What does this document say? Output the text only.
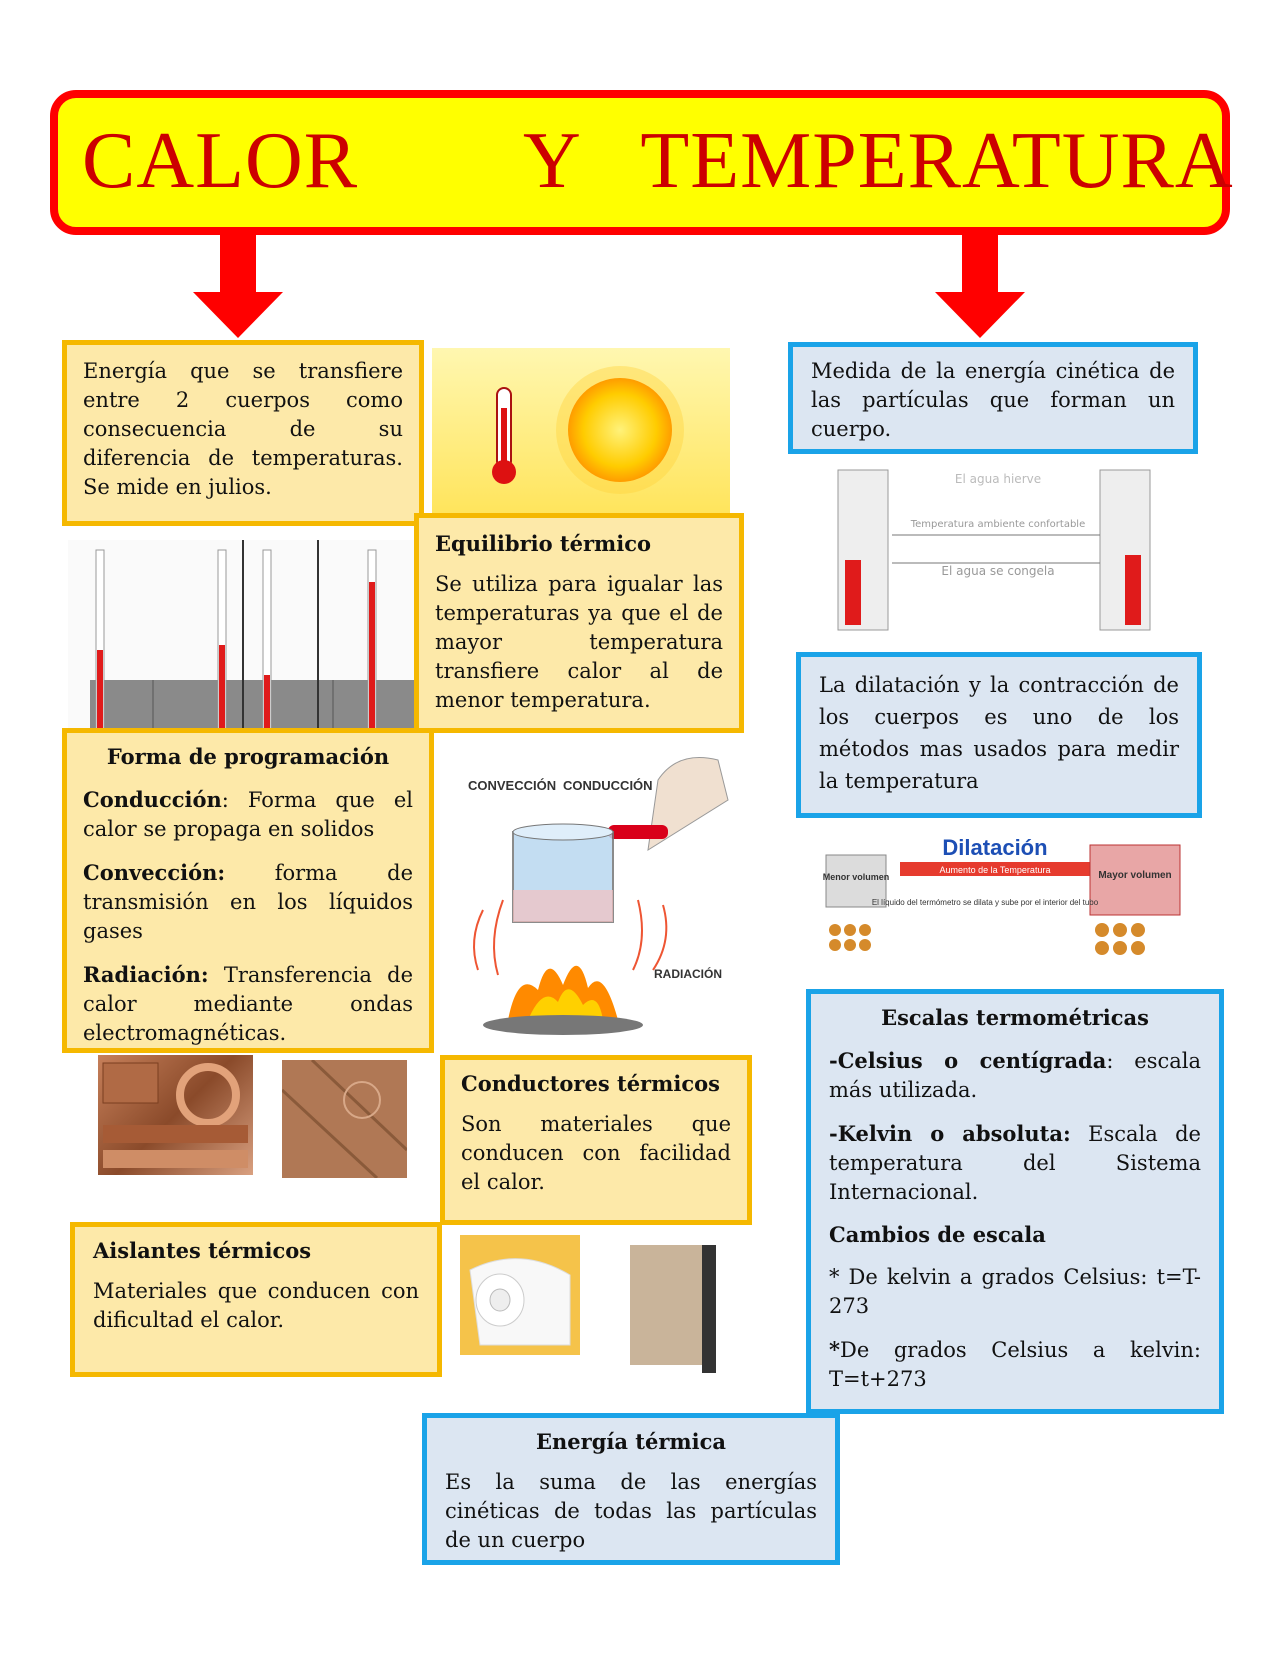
CALOR Y   TEMPERATURA

Energía que se transfiere entre 2 cuerpos como consecuencia de su diferencia de temperaturas. Se mide en julios.

Equilibrio térmico

Se utiliza para igualar las temperaturas ya que el de mayor temperatura transfiere calor al de menor temperatura.

Forma de programación

Conducción: Forma que el calor se propaga en solidos

Convección: forma de transmisión en los líquidos gases

Radiación: Transferencia de calor mediante ondas electromagnéticas.

CONVECCIÓN CONDUCCIÓN
RADIACIÓN

Conductores térmicos

Son materiales que conducen con facilidad el calor.

Aislantes térmicos

Materiales que conducen con dificultad el calor.

Energía térmica

Es la suma de las energías cinéticas de todas las partículas de un cuerpo

Medida de la energía cinética de las partículas que forman un cuerpo.

El agua hierve
Temperatura ambiente confortable
El agua se congela

La dilatación y la contracción de los cuerpos es uno de los métodos mas usados para medir la temperatura

Menor volumen
Dilatación
Aumento de la Temperatura	Mayor volumen
El líquido del termómetro se dilata y sube por el interior del tubo

Escalas termométricas

-Celsius o centígrada: escala más utilizada.

-Kelvin o absoluta: Escala de temperatura del Sistema Internacional.

Cambios de escala

* De kelvin a grados Celsius: t=T-273

*De grados Celsius a kelvin: T=t+273
